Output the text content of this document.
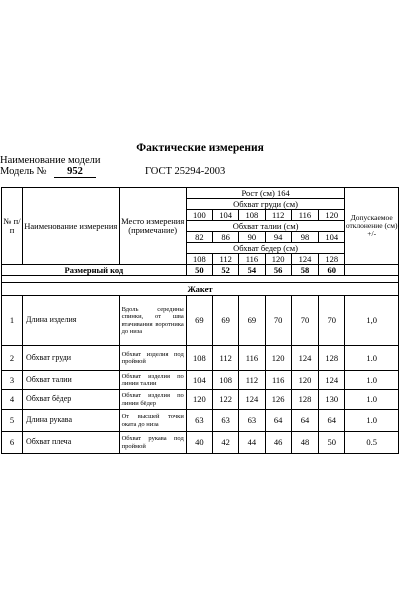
Фактические измерения
Наименование модели
Модель №	952	ГОСТ 25294-2003
№ п/ п	Наименование измерения	Место измерения (примечание)	Рост (см) 164						Допускаемое отклонение (см) +/-
			Обхват груди (см)						
			100	104	108	112	116	120	
			Обхват талии (см)						
			82	86	90	94	98	104	
			Обхват бедер (см)						
			108	112	116	120	124	128	
Размерный код			50	52	54	56	58	60	

Жакет									
1	Длина изделия	Вдоль середины спинки, от шва втачивания воротника до низа	69	69	69	70	70	70	1,0
2	Обхват груди	Обхват изделия под проймой	108	112	116	120	124	128	1.0
3	Обхват талии	Обхват изделия по линии талии	104	108	112	116	120	124	1.0
4	Обхват бёдер	Обхват изделия по линии бёдер	120	122	124	126	128	130	1.0
5	Длина рукава	От высшей точки оката до низа	63	63	63	64	64	64	1.0
6	Обхват плеча	Обхват рукава под проймой	40	42	44	46	48	50	0.5
